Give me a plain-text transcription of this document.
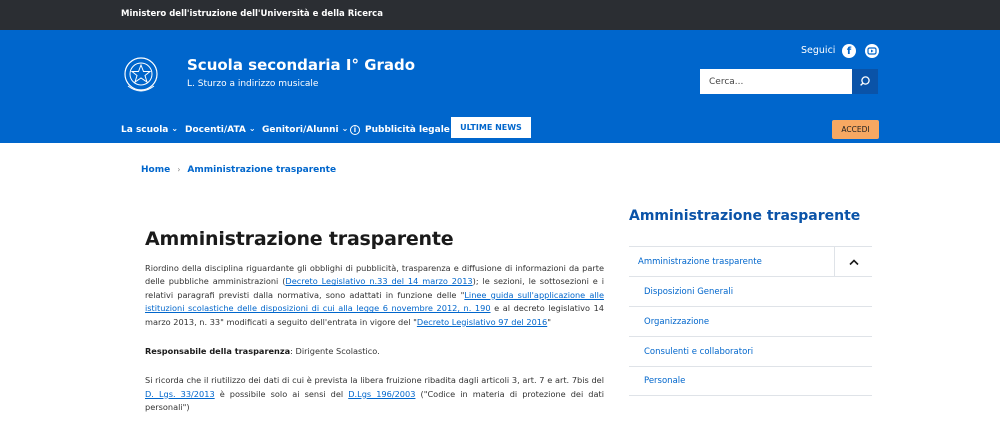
Ministero dell'istruzione dell'Università e della Ricerca
Scuola secondaria I° Grado
L. Sturzo a indirizzo musicale
Seguici	f
Cerca...
La scuola ⌄ Docenti/ATA ⌄ Genitori/Alunni ⌄ i Pubblicità legale	ULTIME NEWS	ACCEDI
Home › Amministrazione trasparente
Amministrazione trasparente

Riordino della disciplina riguardante gli obblighi di pubblicità, trasparenza e diffusione di informazioni da parte delle pubbliche amministrazioni (Decreto Legislativo n.33 del 14 marzo 2013); le sezioni, le sottosezioni e i relativi paragrafi previsti dalla normativa, sono adattati in funzione delle "Linee guida sull'applicazione alle istituzioni scolastiche delle disposizioni di cui alla legge 6 novembre 2012, n. 190 e al decreto legislativo 14 marzo 2013, n. 33" modificati a seguito dell'entrata in vigore del "Decreto Legislativo 97 del 2016"

Responsabile della trasparenza: Dirigente Scolastico.

Si ricorda che il riutilizzo dei dati di cui è prevista la libera fruizione ribadita dagli articoli 3, art. 7 e art. 7bis del D. Lgs. 33/2013 è possibile solo ai sensi del D.Lgs 196/2003 ("Codice in materia di protezione dei dati personali")

Amministrazione trasparente
Amministrazione trasparente
Disposizioni Generali
Organizzazione
Consulenti e collaboratori
Personale
